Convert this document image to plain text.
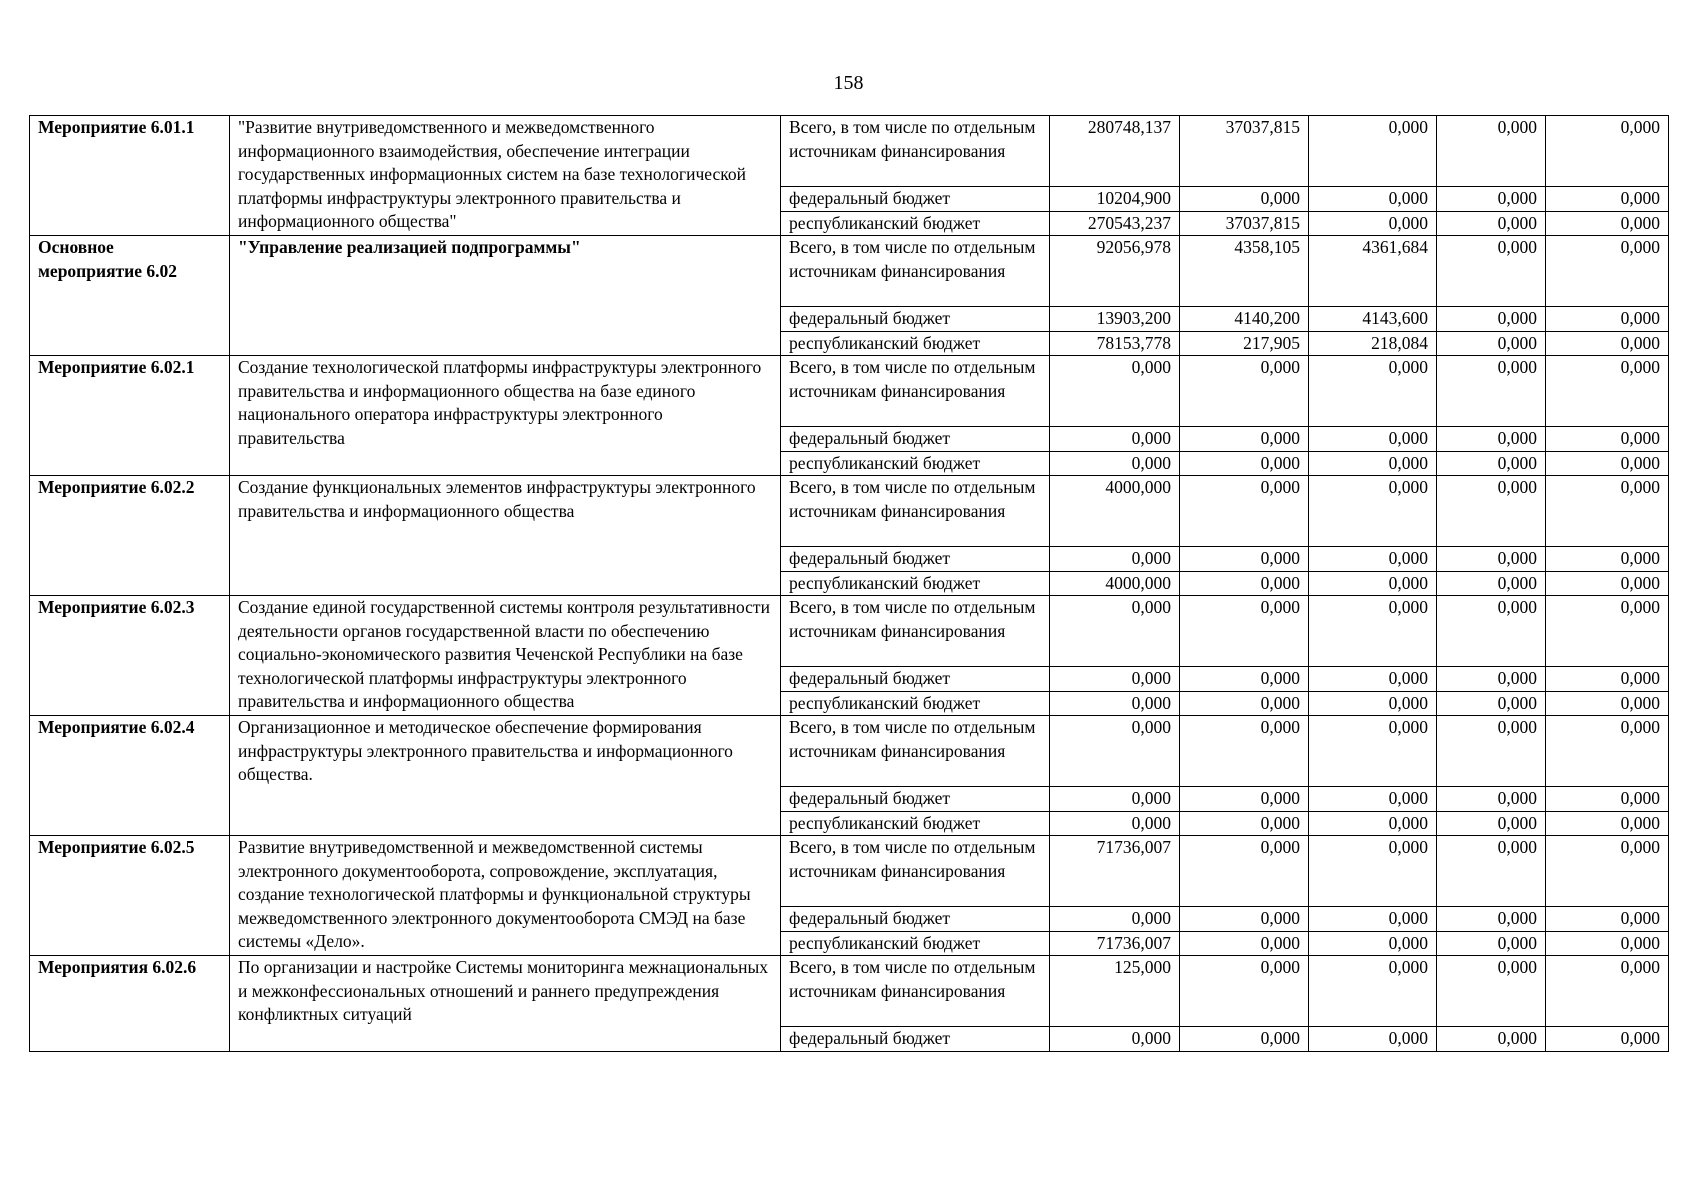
158
Мероприятие 6.01.1	"Развитие внутриведомственного и межведомственного информационного взаимодействия, обеспечение интеграции государственных информационных систем на базе технологической платформы инфраструктуры электронного правительства и информационного общества"	Всего, в том числе по отдельным источникам финансирования	280748,137	37037,815	0,000	0,000	0,000
		федеральный бюджет	10204,900	0,000	0,000	0,000	0,000
		республиканский бюджет	270543,237	37037,815	0,000	0,000	0,000
Основное мероприятие 6.02	"Управление реализацией подпрограммы"	Всего, в том числе по отдельным источникам финансирования	92056,978	4358,105	4361,684	0,000	0,000
		федеральный бюджет	13903,200	4140,200	4143,600	0,000	0,000
		республиканский бюджет	78153,778	217,905	218,084	0,000	0,000
Мероприятие 6.02.1	Создание технологической платформы инфраструктуры электронного правительства и информационного общества на базе единого национального оператора инфраструктуры электронного правительства	Всего, в том числе по отдельным источникам финансирования	0,000	0,000	0,000	0,000	0,000
		федеральный бюджет	0,000	0,000	0,000	0,000	0,000
		республиканский бюджет	0,000	0,000	0,000	0,000	0,000
Мероприятие 6.02.2	Создание функциональных элементов инфраструктуры электронного правительства и информационного общества	Всего, в том числе по отдельным источникам финансирования	4000,000	0,000	0,000	0,000	0,000
		федеральный бюджет	0,000	0,000	0,000	0,000	0,000
		республиканский бюджет	4000,000	0,000	0,000	0,000	0,000
Мероприятие 6.02.3	Создание единой государственной системы контроля результативности деятельности органов государственной власти по обеспечению социально-экономического развития Чеченской Республики на базе технологической платформы инфраструктуры электронного правительства и информационного общества	Всего, в том числе по отдельным источникам финансирования	0,000	0,000	0,000	0,000	0,000
		федеральный бюджет	0,000	0,000	0,000	0,000	0,000
		республиканский бюджет	0,000	0,000	0,000	0,000	0,000
Мероприятие 6.02.4	Организационное и методическое обеспечение формирования инфраструктуры электронного правительства и информационного общества.	Всего, в том числе по отдельным источникам финансирования	0,000	0,000	0,000	0,000	0,000
		федеральный бюджет	0,000	0,000	0,000	0,000	0,000
		республиканский бюджет	0,000	0,000	0,000	0,000	0,000
Мероприятие 6.02.5	Развитие внутриведомственной и межведомственной системы электронного документооборота, сопровождение, эксплуатация, создание технологической платформы и функциональной структуры межведомственного электронного документооборота СМЭД на базе системы «Дело».	Всего, в том числе по отдельным источникам финансирования	71736,007	0,000	0,000	0,000	0,000
		федеральный бюджет	0,000	0,000	0,000	0,000	0,000
		республиканский бюджет	71736,007	0,000	0,000	0,000	0,000
Мероприятия 6.02.6	По организации и настройке Системы мониторинга межнациональных и межконфессиональных отношений и раннего предупреждения конфликтных ситуаций	Всего, в том числе по отдельным источникам финансирования	125,000	0,000	0,000	0,000	0,000
		федеральный бюджет	0,000	0,000	0,000	0,000	0,000
